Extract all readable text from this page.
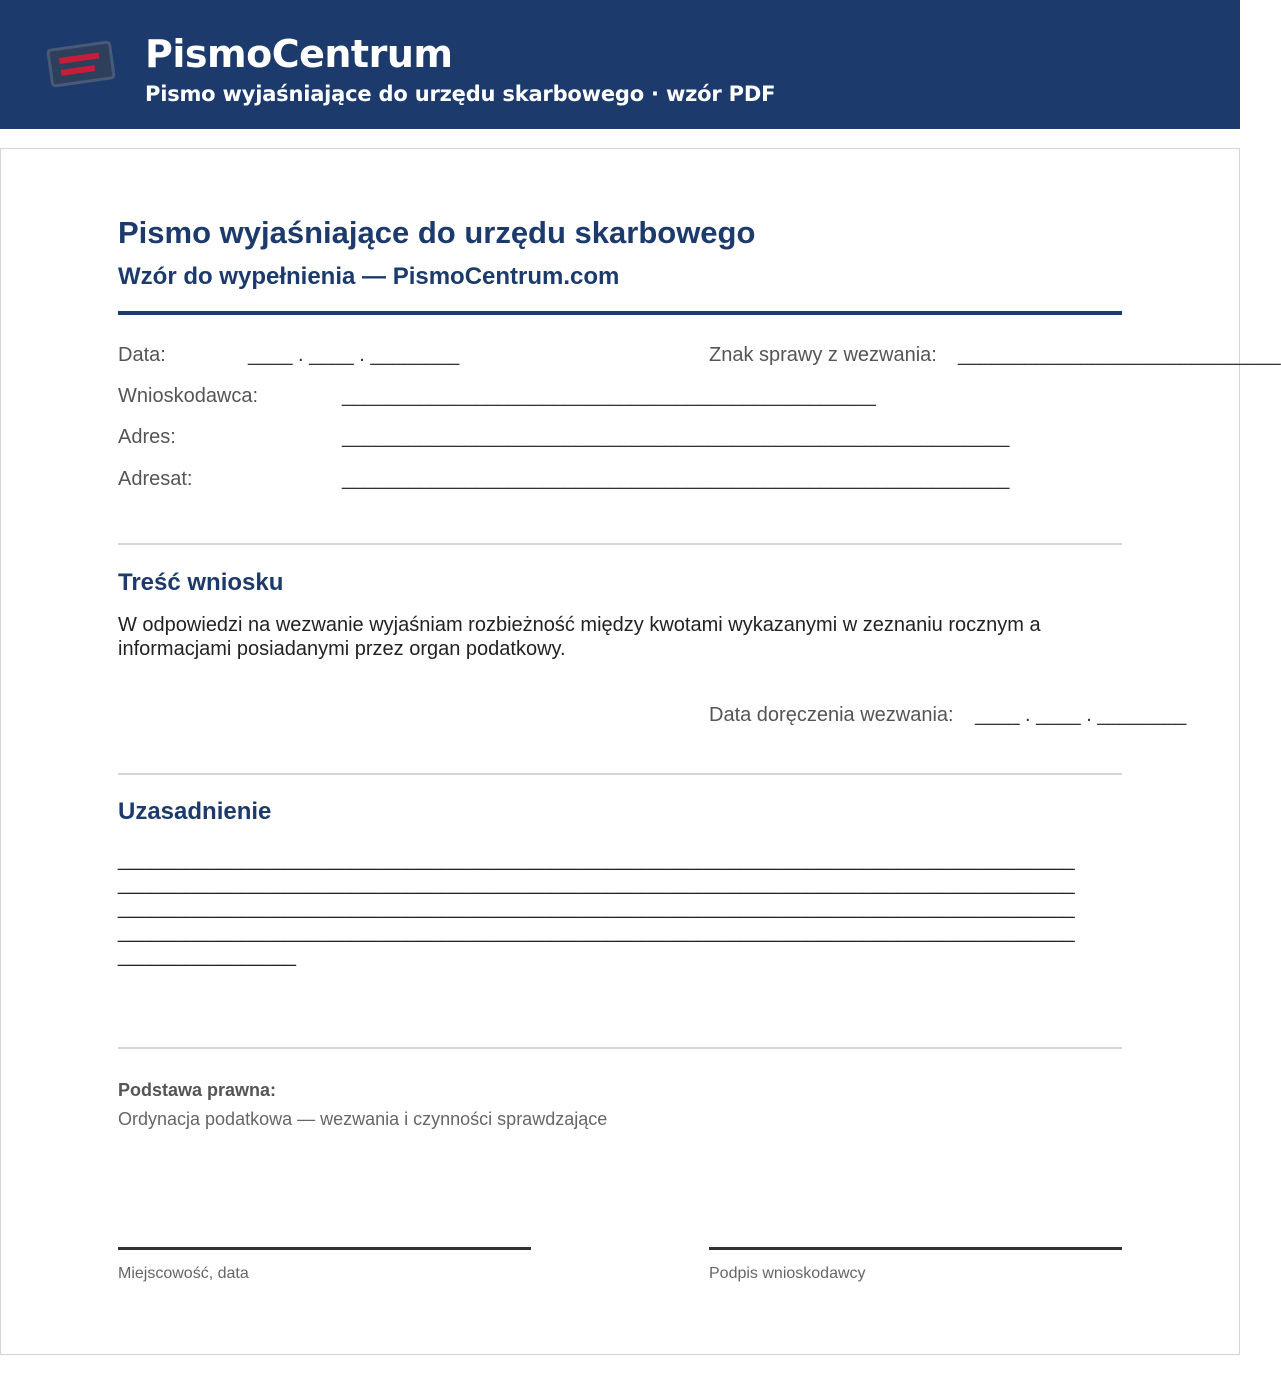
PismoCentrum
Pismo wyjaśniające do urzędu skarbowego · wzór PDF
Pismo wyjaśniające do urzędu skarbowego
Wzór do wypełnienia — PismoCentrum.com
Data:	____ . ____ . ________	Znak sprawy z wezwania: _____________________________
Wnioskodawca:	________________________________________________
Adres:	____________________________________________________________
Adresat:	____________________________________________________________
Treść wniosku
W odpowiedzi na wezwanie wyjaśniam rozbieżność między kwotami wykazanymi w zeznaniu rocznym a informacjami posiadanymi przez organ podatkowy.
Data doręczenia wezwania: ____ . ____ . ________
Uzasadnienie
______________________________________________________________________________________
______________________________________________________________________________________
______________________________________________________________________________________
______________________________________________________________________________________
________________
Podstawa prawna:
Ordynacja podatkowa — wezwania i czynności sprawdzające
Miejscowość, data	Podpis wnioskodawcy
